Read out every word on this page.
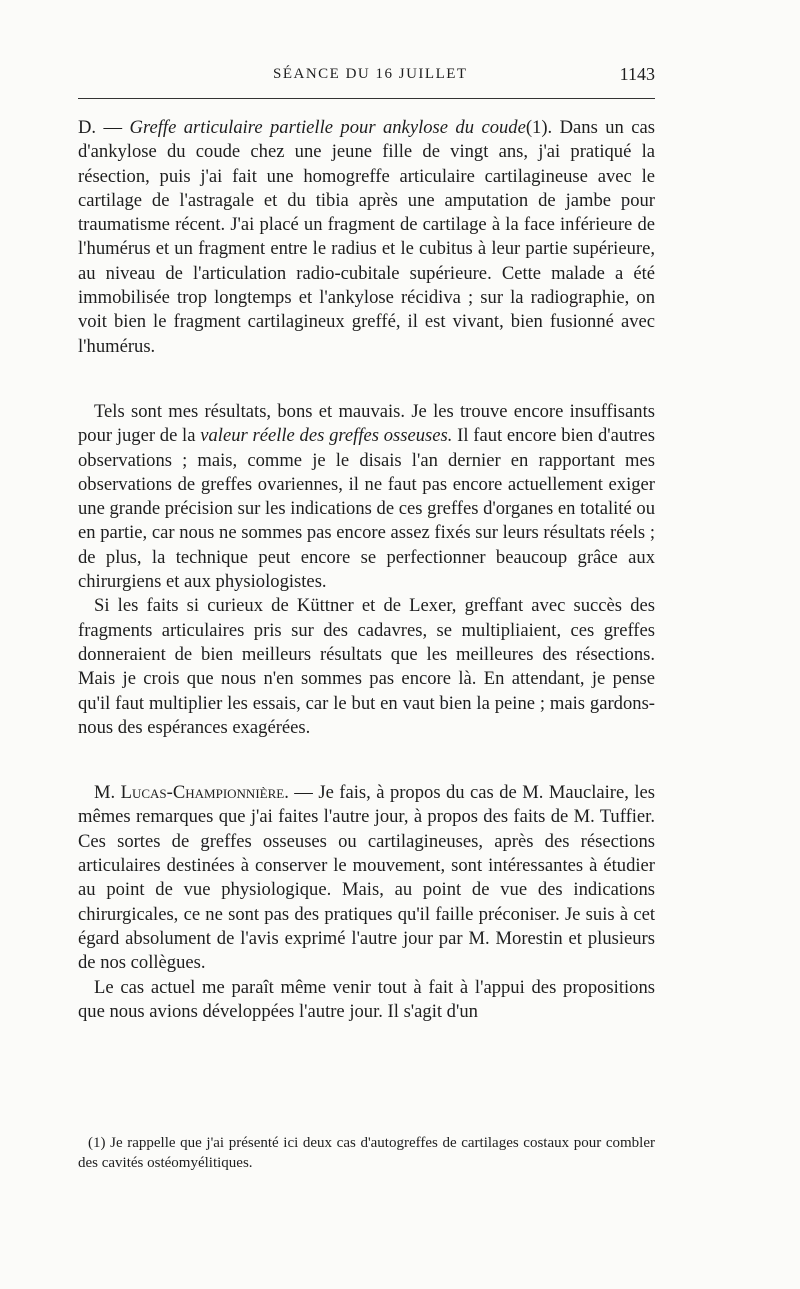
SÉANCE DU 16 JUILLET	1143

D. — Greffe articulaire partielle pour ankylose du coude(1). Dans un cas d'ankylose du coude chez une jeune fille de vingt ans, j'ai pratiqué la résection, puis j'ai fait une homogreffe articulaire cartilagineuse avec le cartilage de l'astragale et du tibia après une amputation de jambe pour traumatisme récent. J'ai placé un fragment de cartilage à la face inférieure de l'humérus et un fragment entre le radius et le cubitus à leur partie supérieure, au niveau de l'articulation radio-cubitale supérieure. Cette malade a été immobilisée trop longtemps et l'ankylose récidiva ; sur la radiographie, on voit bien le fragment cartilagineux greffé, il est vivant, bien fusionné avec l'humérus.

Tels sont mes résultats, bons et mauvais. Je les trouve encore insuffisants pour juger de la valeur réelle des greffes osseuses. Il faut encore bien d'autres observations ; mais, comme je le disais l'an dernier en rapportant mes observations de greffes ovariennes, il ne faut pas encore actuellement exiger une grande précision sur les indications de ces greffes d'organes en totalité ou en partie, car nous ne sommes pas encore assez fixés sur leurs résultats réels ; de plus, la technique peut encore se perfectionner beaucoup grâce aux chirurgiens et aux physiologistes.

Si les faits si curieux de Küttner et de Lexer, greffant avec succès des fragments articulaires pris sur des cadavres, se multipliaient, ces greffes donneraient de bien meilleurs résultats que les meilleures des résections. Mais je crois que nous n'en sommes pas encore là. En attendant, je pense qu'il faut multiplier les essais, car le but en vaut bien la peine ; mais gardons-nous des espérances exagérées.

M. Lucas-Championnière. — Je fais, à propos du cas de M. Mauclaire, les mêmes remarques que j'ai faites l'autre jour, à propos des faits de M. Tuffier. Ces sortes de greffes osseuses ou cartilagineuses, après des résections articulaires destinées à conserver le mouvement, sont intéressantes à étudier au point de vue physiologique. Mais, au point de vue des indications chirurgicales, ce ne sont pas des pratiques qu'il faille préconiser. Je suis à cet égard absolument de l'avis exprimé l'autre jour par M. Morestin et plusieurs de nos collègues.

Le cas actuel me paraît même venir tout à fait à l'appui des propositions que nous avions développées l'autre jour. Il s'agit d'un

(1) Je rappelle que j'ai présenté ici deux cas d'autogreffes de cartilages costaux pour combler des cavités ostéomyélitiques.
